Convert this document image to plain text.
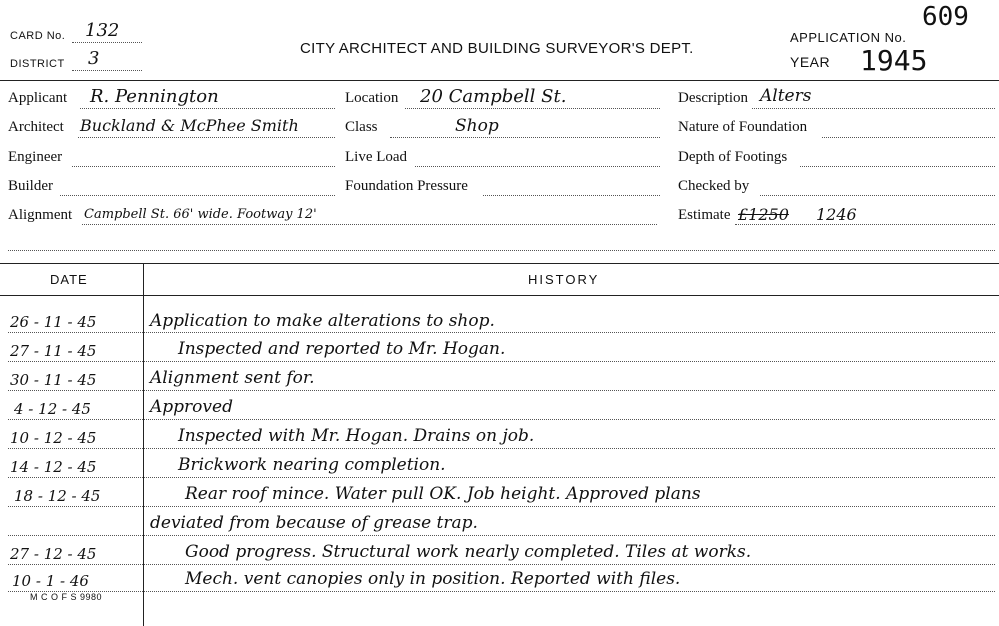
CARD No. 132
DISTRICT 3	CITY ARCHITECT AND BUILDING SURVEYOR'S DEPT.
APPLICATION No.
609
YEAR 1945
Applicant R. Pennington
Architect Buckland & McPhee Smith
Engineer
Builder
Alignment Campbell St. 66' wide. Footway 12'
Location 20 Campbell St.
Class	Shop
Live Load
Foundation Pressure
Description Alters
Nature of Foundation
Depth of Footings
Checked by
Estimate £1250 1246
DATE	HISTORY
26 - 11 - 45	Application to make alterations to shop.
27 - 11 - 45	Inspected and reported to Mr. Hogan.
30 - 11 - 45	Alignment sent for.
4 - 12 - 45	Approved
10 - 12 - 45	Inspected with Mr. Hogan. Drains on job.
14 - 12 - 45	Brickwork nearing completion.
18 - 12 - 45	Rear roof mince. Water pull OK. Job height. Approved plans
deviated from because of grease trap.
27 - 12 - 45	Good progress. Structural work nearly completed. Tiles at works.
10 - 1 - 46	Mech. vent canopies only in position. Reported with files.
M C O F S 9980
